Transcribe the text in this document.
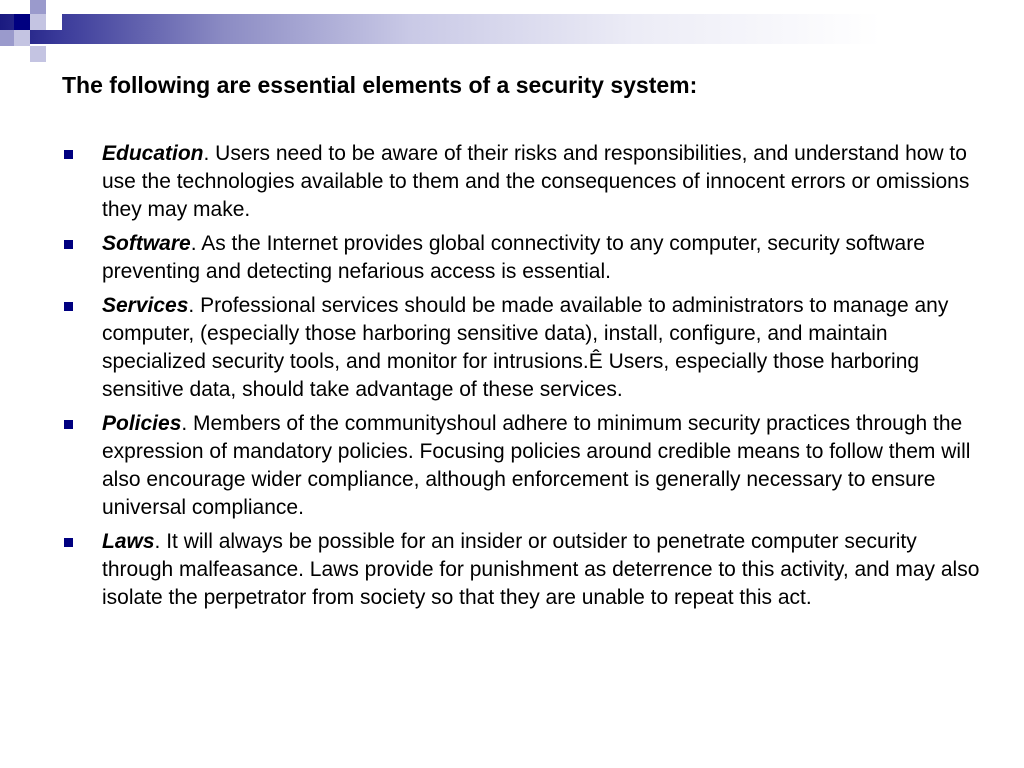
The following are essential elements of a security system:
Education. Users need to be aware of their risks and responsibilities, and understand how to use the technologies available to them and the consequences of innocent errors or omissions they may make.
Software. As the Internet provides global connectivity to any computer, security software preventing and detecting nefarious access is essential.
Services. Professional services should be made available to administrators to manage any computer, (especially those harboring sensitive data), install, configure, and maintain specialized security tools, and monitor for intrusions.Ê Users, especially those harboring sensitive data, should take advantage of these services.
Policies. Members of the communityshoul adhere to minimum security practices through the expression of mandatory policies. Focusing policies around credible means to follow them will also encourage wider compliance, although enforcement is generally necessary to ensure universal compliance.
Laws. It will always be possible for an insider or outsider to penetrate computer security through malfeasance. Laws provide for punishment as deterrence to this activity, and may also isolate the perpetrator from society so that they are unable to repeat this act.
